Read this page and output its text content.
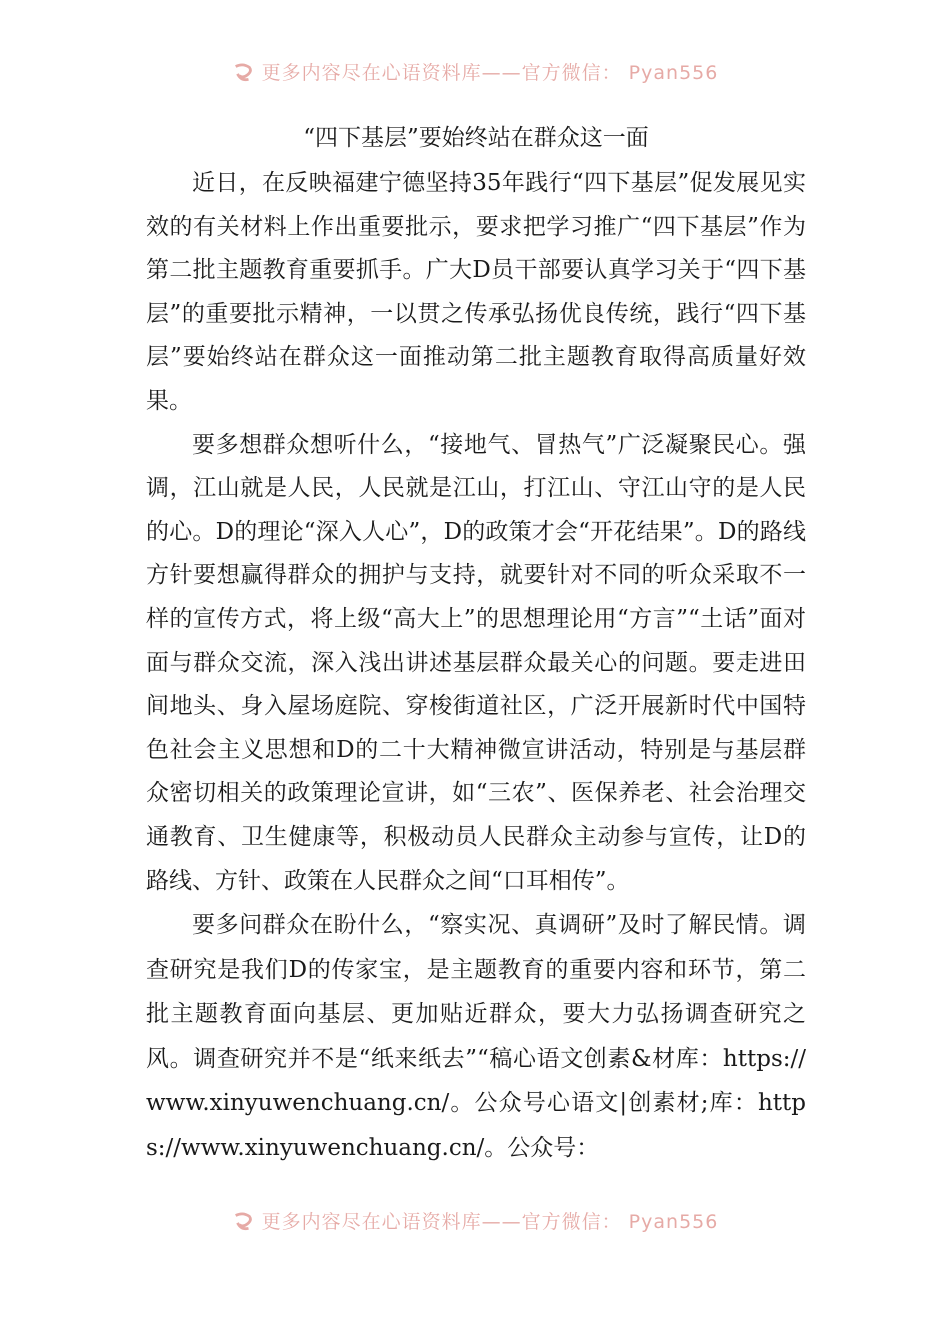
更多内容尽在心语资料库——官方微信： Pyan556
“四下基层”要始终站在群众这一面

近日，在反映福建宁德坚持35年践行“四下基层”促发展见实效的有关材料上作出重要批示，要求把学习推广“四下基层”作为第二批主题教育重要抓手。广大D员干部要认真学习关于“四下基层”的重要批示精神，一以贯之传承弘扬优良传统，践行“四下基层”要始终站在群众这一面推动第二批主题教育取得高质量好效果。

要多想群众想听什么，“接地气、冒热气”广泛凝聚民心。强调，江山就是人民，人民就是江山，打江山、守江山守的是人民的心。D的理论“深入人心”，D的政策才会“开花结果”。D的路线方针要想赢得群众的拥护与支持，就要针对不同的听众采取不一样的宣传方式，将上级“高大上”的思想理论用“方言”“土话”面对面与群众交流，深入浅出讲述基层群众最关心的问题。要走进田间地头、身入屋场庭院、穿梭街道社区，广泛开展新时代中国特色社会主义思想和D的二十大精神微宣讲活动，特别是与基层群众密切相关的政策理论宣讲，如“三农”、医保养老、社会治理交通教育、卫生健康等，积极动员人民群众主动参与宣传，让D的路线、方针、政策在人民群众之间“口耳相传”。

要多问群众在盼什么，“察实况、真调研”及时了解民情。调查研究是我们D的传家宝，是主题教育的重要内容和环节，第二批主题教育面向基层、更加贴近群众，要大力弘扬调查研究之风。调查研究并不是“纸来纸去”“稿心语文创素&材库：https://www.xinyuwenchuang.cn/。公众号心语文|创素材;库：https://www.xinyuwenchuang.cn/。公众号：

更多内容尽在心语资料库——官方微信： Pyan556
